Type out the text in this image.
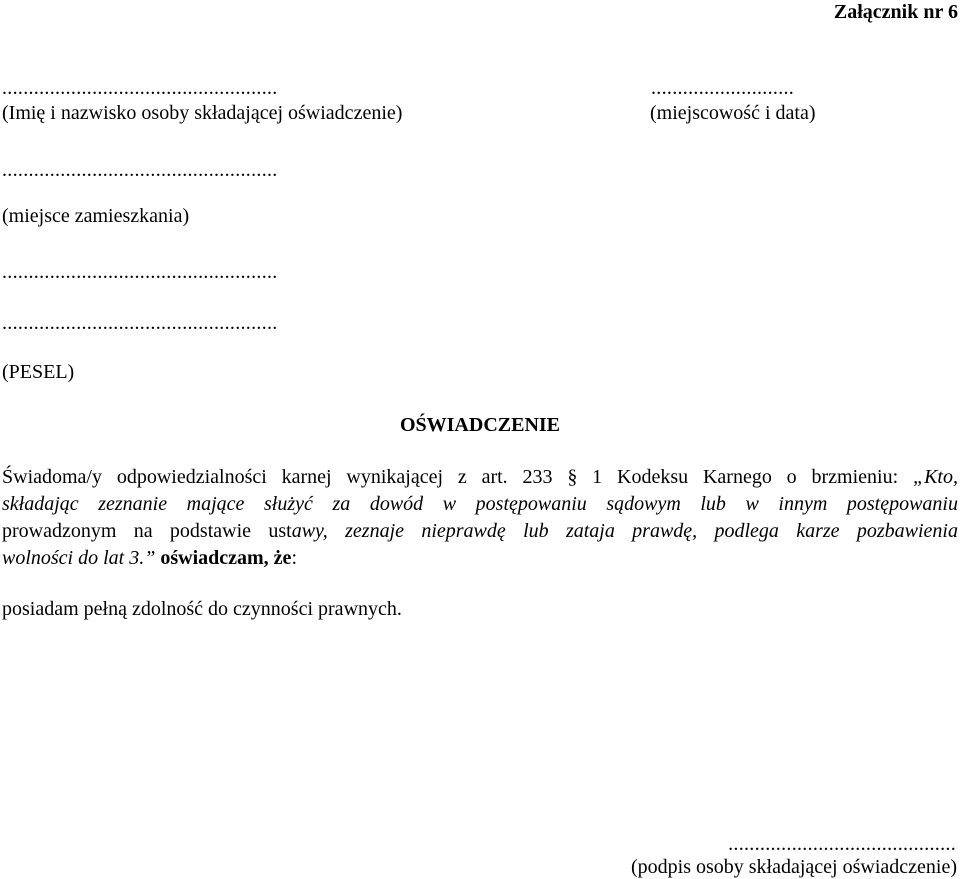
Załącznik nr 6
....................................................
(Imię i nazwisko osoby składającej oświadczenie)
...........................
(miejscowość i data)
....................................................
(miejsce zamieszkania)
....................................................
....................................................
(PESEL)
OŚWIADCZENIE
Świadoma/y odpowiedzialności karnej wynikającej z art. 233 § 1 Kodeksu Karnego o brzmieniu: „Kto,
składając zeznanie mające służyć za dowód w postępowaniu sądowym lub w innym postępowaniu
prowadzonym na podstawie ustawy, zeznaje nieprawdę lub zataja prawdę, podlega karze pozbawienia
wolności do lat 3.” oświadczam, że:
posiadam pełną zdolność do czynności prawnych.
...........................................
(podpis osoby składającej oświadczenie)
